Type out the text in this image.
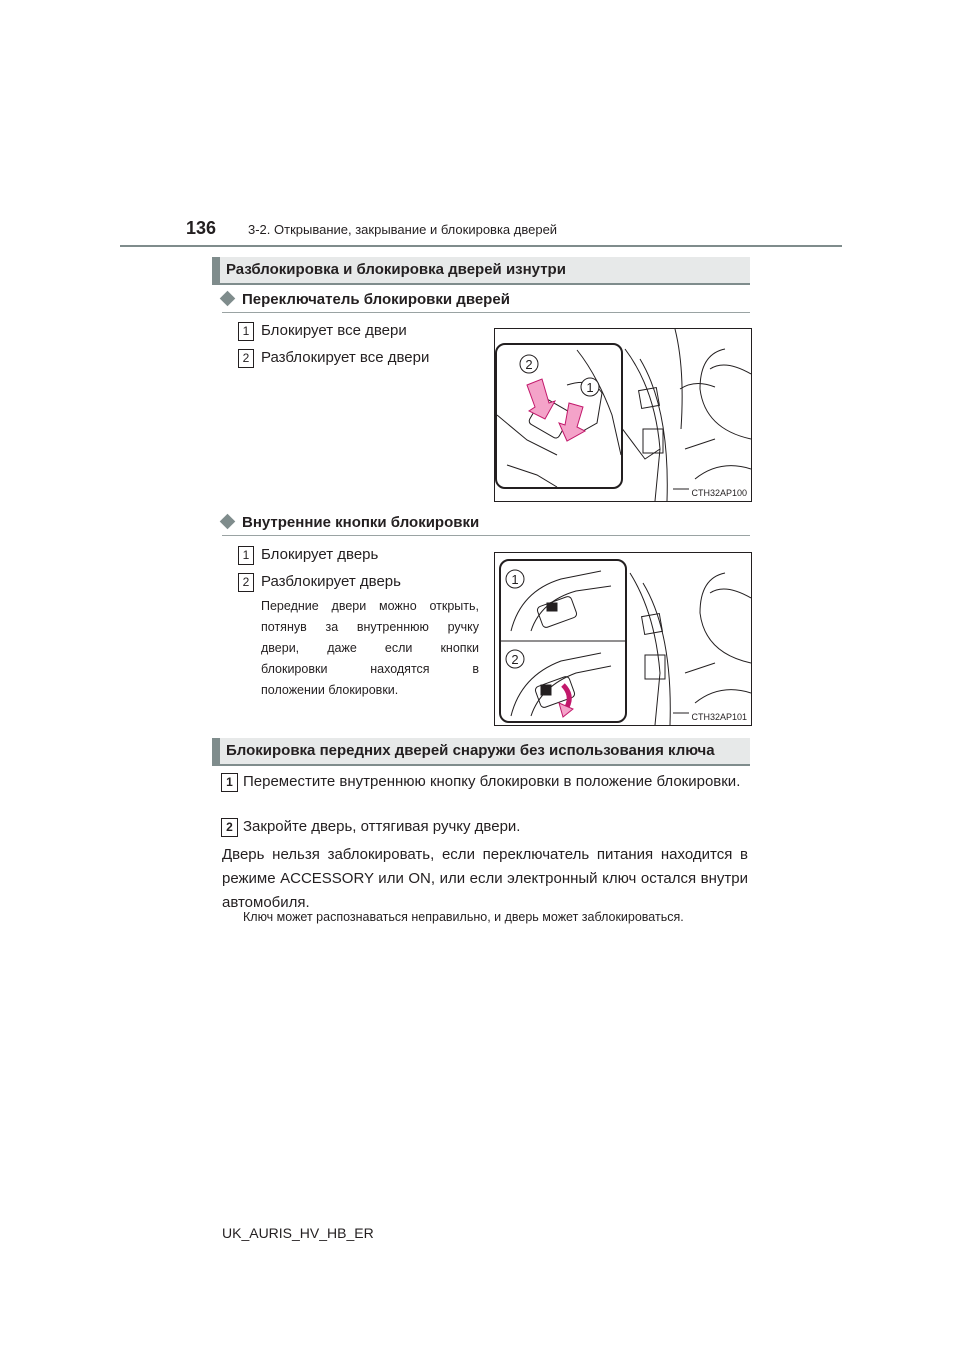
136 3-2. Открывание, закрывание и блокировка дверей
Разблокировка и блокировка дверей изнутри
Переключатель блокировки дверей
1 Блокирует все двери
2 Разблокирует все двери	2
1
CTH32AP100
Внутренние кнопки блокировки
1 Блокирует дверь
2 Разблокирует дверь
Передние двери можно открыть,
потянув за внутреннюю ручку
двери, даже если кнопки
блокировки находятся в
положении блокировки.
1
2
CTH32AP101
Блокировка передних дверей снаружи без использования ключа
1 Переместите внутреннюю кнопку блокировки в положение блокировки.
2 Закройте дверь, оттягивая ручку двери.
Дверь нельзя заблокировать, если переключатель питания находится в режиме ACCESSORY или ON, или если электронный ключ остался внутри автомобиля.
Ключ может распознаваться неправильно, и дверь может заблокироваться.
UK_AURIS_HV_HB_ER
